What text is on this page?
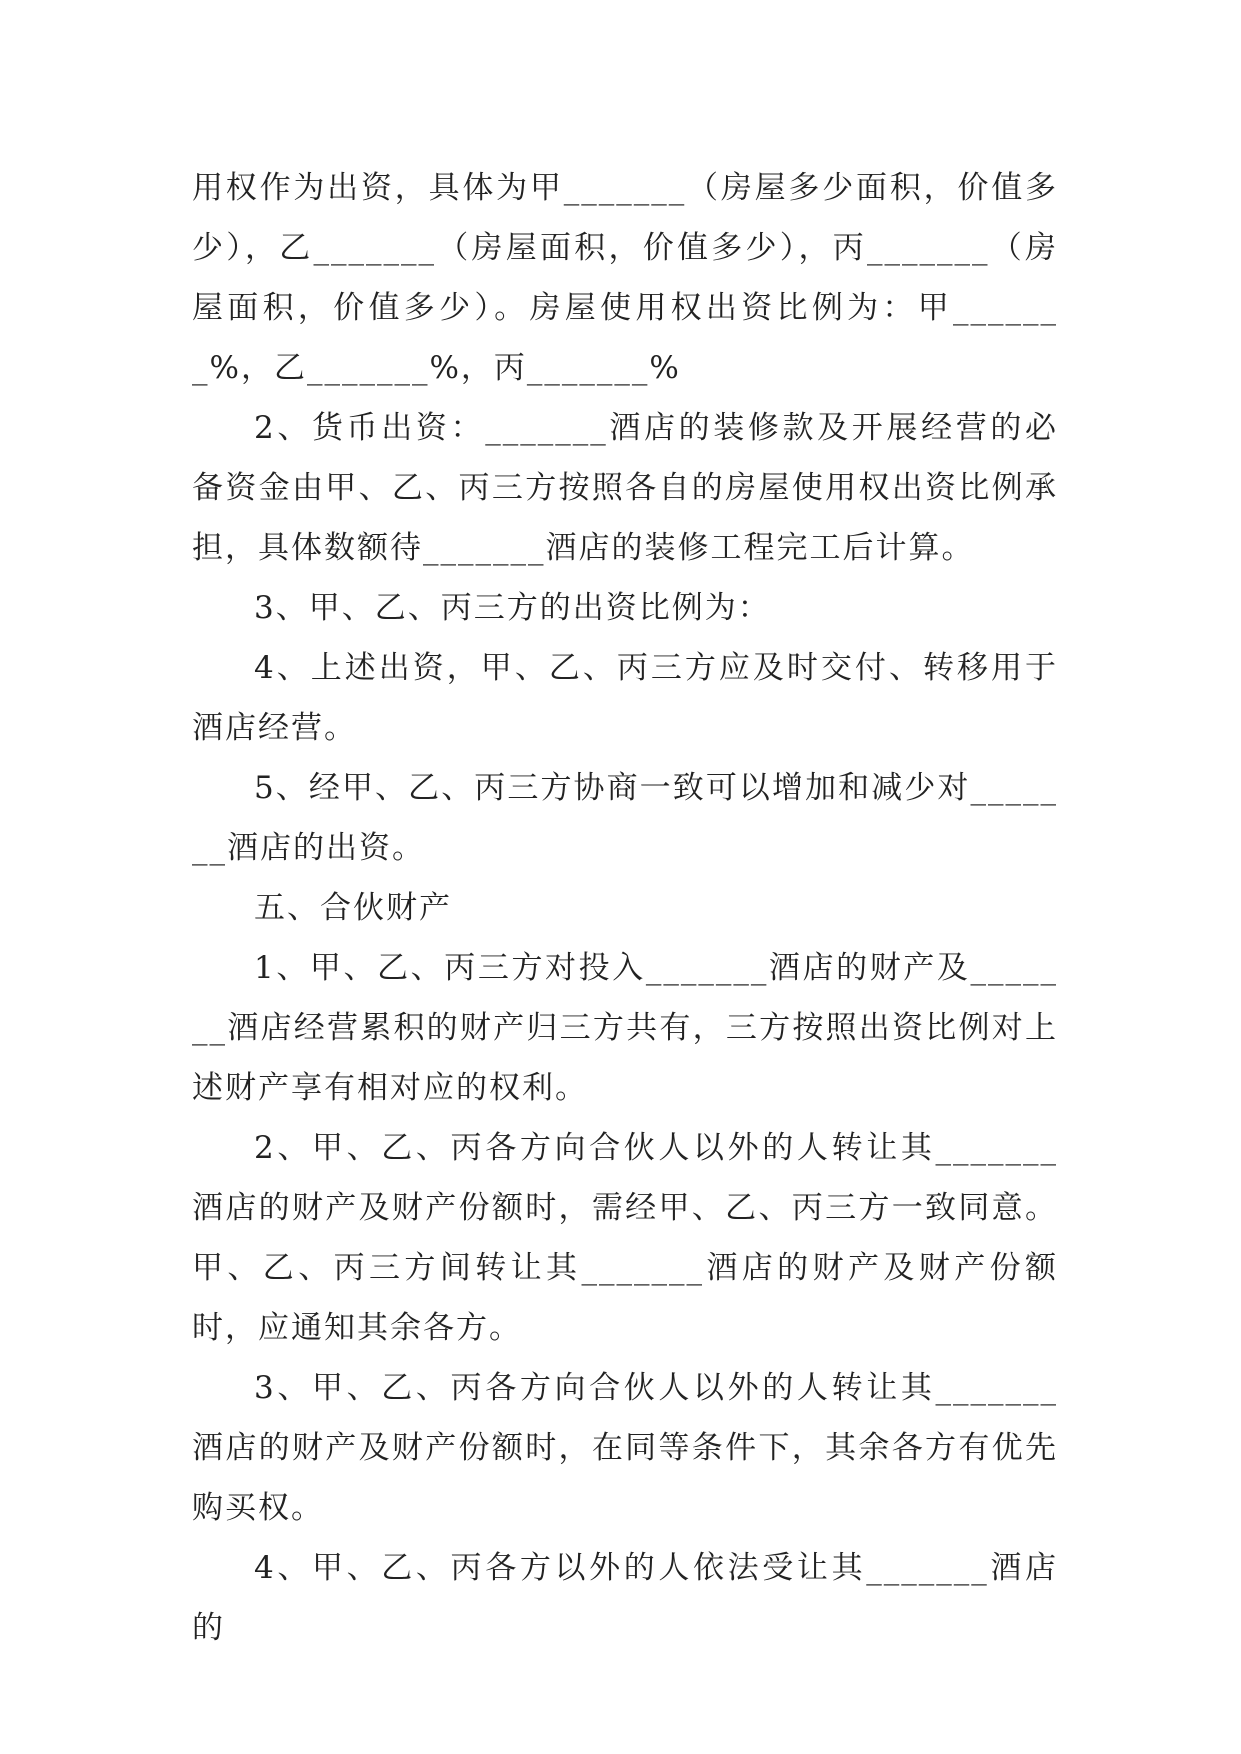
用权作为出资，具体为甲_______（房屋多少面积，价值多少），乙_______（房屋面积，价值多少），丙_______（房屋面积，价值多少）。房屋使用权出资比例为：甲_______%，乙_______%，丙_______%

2、货币出资：_______酒店的装修款及开展经营的必备资金由甲、乙、丙三方按照各自的房屋使用权出资比例承担，具体数额待_______酒店的装修工程完工后计算。

3、甲、乙、丙三方的出资比例为：

4、上述出资，甲、乙、丙三方应及时交付、转移用于酒店经营。

5、经甲、乙、丙三方协商一致可以增加和减少对_______酒店的出资。

五、合伙财产

1、甲、乙、丙三方对投入_______酒店的财产及_______酒店经营累积的财产归三方共有，三方按照出资比例对上述财产享有相对应的权利。

2、甲、乙、丙各方向合伙人以外的人转让其_______酒店的财产及财产份额时，需经甲、乙、丙三方一致同意。甲、乙、丙三方间转让其_______酒店的财产及财产份额时，应通知其余各方。

3、甲、乙、丙各方向合伙人以外的人转让其_______酒店的财产及财产份额时，在同等条件下，其余各方有优先购买权。

4、甲、乙、丙各方以外的人依法受让其_______酒店的
